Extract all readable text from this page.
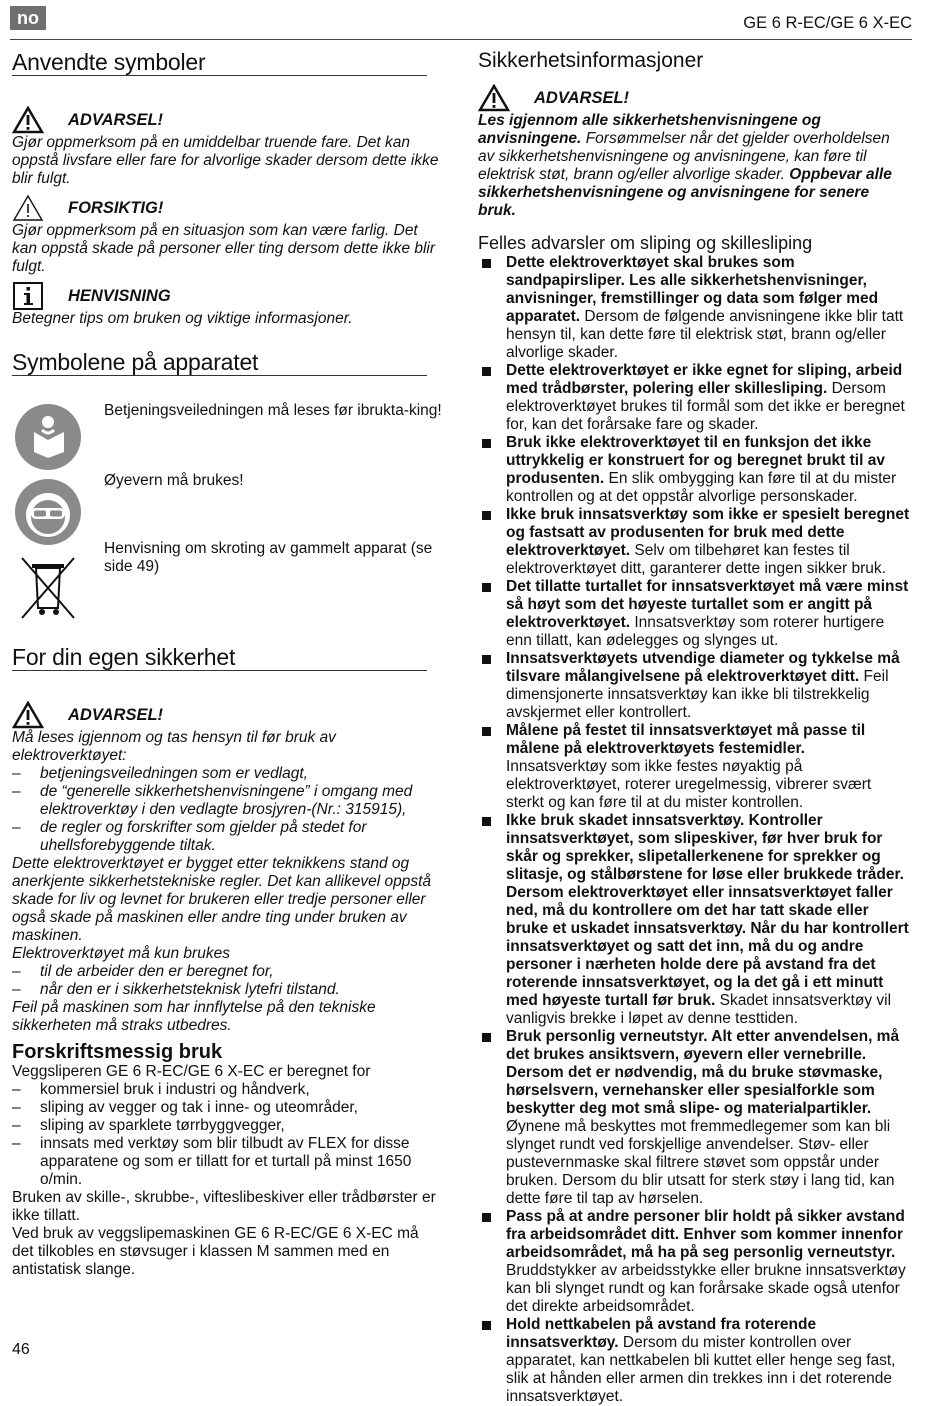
no	GE 6 R-EC/GE 6 X-EC
Anvendte symboler
ADVARSEL!
Gjør oppmerksom på en umiddelbar truende fare. Det kan oppstå livsfare eller fare for alvorlige skader dersom dette ikke blir fulgt.
FORSIKTIG!
Gjør oppmerksom på en situasjon som kan være farlig. Det kan oppstå skade på personer eller ting dersom dette ikke blir fulgt.
HENVISNING
Betegner tips om bruken og viktige informasjoner.
Symbolene på apparatet

Betjeningsveiledningen må leses før ibrukta-king!
Øyevern må brukes!
Henvisning om skroting av gammelt apparat (se side 49)
For din egen sikkerhet
ADVARSEL!
Må leses igjennom og tas hensyn til før bruk av elektroverktøyet:
– betjeningsveiledningen som er vedlagt,
– de “generelle sikkerhetshenvisningene” i omgang med elektroverktøy i den vedlagte brosjyren-(Nr.: 315915),
– de regler og forskrifter som gjelder på stedet for uhellsforebyggende tiltak.
Dette elektroverktøyet er bygget etter teknikkens stand og anerkjente sikkerhetstekniske regler. Det kan allikevel oppstå skade for liv og levnet for brukeren eller tredje personer eller også skade på maskinen eller andre ting under bruken av maskinen.
Elektroverktøyet må kun brukes
– til de arbeider den er beregnet for,
– når den er i sikkerhetsteknisk lytefri tilstand.
Feil på maskinen som har innflytelse på den tekniske sikkerheten må straks utbedres.
Forskriftsmessig bruk
Veggsliperen GE 6 R-EC/GE 6 X-EC er beregnet for
– kommersiel bruk i industri og håndverk,
– sliping av vegger og tak i inne- og uteområder,
– sliping av sparklete tørrbyggvegger,
– innsats med verktøy som blir tilbudt av FLEX for disse apparatene og som er tillatt for et turtall på minst 1650 o/min.
Bruken av skille-, skrubbe-, vifteslibeskiver eller trådbørster er ikke tillatt.
Ved bruk av veggslipemaskinen GE 6 R-EC/GE 6 X-EC må det tilkobles en støvsuger i klassen M sammen med en antistatisk slange.
Sikkerhetsinformasjoner
ADVARSEL!
Les igjennom alle sikkerhetshenvisningene og anvisningene. Forsømmelser når det gjelder overholdelsen av sikkerhetshenvisningene og anvisningene, kan føre til elektrisk støt, brann og/eller alvorlige skader. Oppbevar alle sikkerhetshenvisningene og anvisningene for senere bruk.
Felles advarsler om sliping og skillesliping
Dette elektroverktøyet skal brukes som sandpapirsliper. Les alle sikkerhetshenvisninger, anvisninger, fremstillinger og data som følger med apparatet. Dersom de følgende anvisningene ikke blir tatt hensyn til, kan dette føre til elektrisk støt, brann og/eller alvorlige skader.
Dette elektroverktøyet er ikke egnet for sliping, arbeid med trådbørster, polering eller skillesliping. Dersom elektroverktøyet brukes til formål som det ikke er beregnet for, kan det forårsake fare og skader.
Bruk ikke elektroverktøyet til en funksjon det ikke uttrykkelig er konstruert for og beregnet brukt til av produsenten. En slik ombygging kan føre til at du mister kontrollen og at det oppstår alvorlige personskader.
Ikke bruk innsatsverktøy som ikke er spesielt beregnet og fastsatt av produsenten for bruk med dette elektroverktøyet. Selv om tilbehøret kan festes til elektroverktøyet ditt, garanterer dette ingen sikker bruk.
Det tillatte turtallet for innsatsverktøyet må være minst så høyt som det høyeste turtallet som er angitt på elektroverktøyet. Innsatsverktøy som roterer hurtigere enn tillatt, kan ødelegges og slynges ut.
Innsatsverktøyets utvendige diameter og tykkelse må tilsvare målangivelsene på elektroverktøyet ditt. Feil dimensjonerte innsatsverktøy kan ikke bli tilstrekkelig avskjermet eller kontrollert.
Målene på festet til innsatsverktøyet må passe til målene på elektroverktøyets festemidler. Innsatsverktøy som ikke festes nøyaktig på elektroverktøyet, roterer uregelmessig, vibrerer svært sterkt og kan føre til at du mister kontrollen.
Ikke bruk skadet innsatsverktøy. Kontroller innsatsverktøyet, som slipeskiver, før hver bruk for skår og sprekker, slipetallerkenene for sprekker og slitasje, og stålbørstene for løse eller brukkede tråder. Dersom elektroverktøyet eller innsatsverktøyet faller ned, må du kontrollere om det har tatt skade eller bruke et uskadet innsatsverktøy. Når du har kontrollert innsatsverktøyet og satt det inn, må du og andre personer i nærheten holde dere på avstand fra det roterende innsatsverktøyet, og la det gå i ett minutt med høyeste turtall før bruk. Skadet innsatsverktøy vil vanligvis brekke i løpet av denne testtiden.
Bruk personlig verneutstyr. Alt etter anvendelsen, må det brukes ansiktsvern, øyevern eller vernebrille. Dersom det er nødvendig, må du bruke støvmaske, hørselsvern, vernehansker eller spesialforkle som beskytter deg mot små slipe- og materialpartikler. Øynene må beskyttes mot fremmedlegemer som kan bli slynget rundt ved forskjellige anvendelser. Støv- eller pustevernmaske skal filtrere støvet som oppstår under bruken. Dersom du blir utsatt for sterk støy i lang tid, kan dette føre til tap av hørselen.
Pass på at andre personer blir holdt på sikker avstand fra arbeidsområdet ditt. Enhver som kommer innenfor arbeidsområdet, må ha på seg personlig verneutstyr. Bruddstykker av arbeidsstykke eller brukne innsatsverktøy kan bli slynget rundt og kan forårsake skade også utenfor det direkte arbeidsområdet.
Hold nettkabelen på avstand fra roterende innsatsverktøy. Dersom du mister kontrollen over apparatet, kan nettkabelen bli kuttet eller henge seg fast, slik at hånden eller armen din trekkes inn i det roterende innsatsverktøyet.
46
